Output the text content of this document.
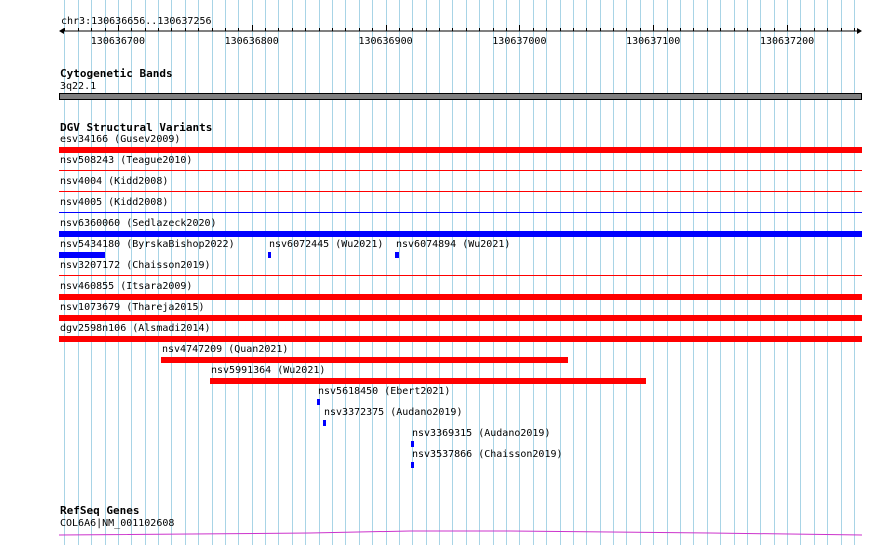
chr3:130636656..130637256
130636700	130636800	130636900	130637000	130637100	130637200
Cytogenetic Bands
3q22.1
DGV Structural Variants
esv34166 (Gusev2009)
nsv508243 (Teague2010)
nsv4004 (Kidd2008)
nsv4005 (Kidd2008)
nsv6360060 (Sedlazeck2020)
nsv5434180 (ByrskaBishop2022)	nsv6072445 (Wu2021) nsv6074894 (Wu2021)
nsv3207172 (Chaisson2019)
nsv460855 (Itsara2009)
nsv1073679 (Thareja2015)
dgv2598n106 (Alsmadi2014)
nsv4747209 (Quan2021)
nsv5991364 (Wu2021)
nsv5618450 (Ebert2021)
nsv3372375 (Audano2019)
nsv3369315 (Audano2019)
nsv3537866 (Chaisson2019)
RefSeq Genes
COL6A6|NM_001102608
